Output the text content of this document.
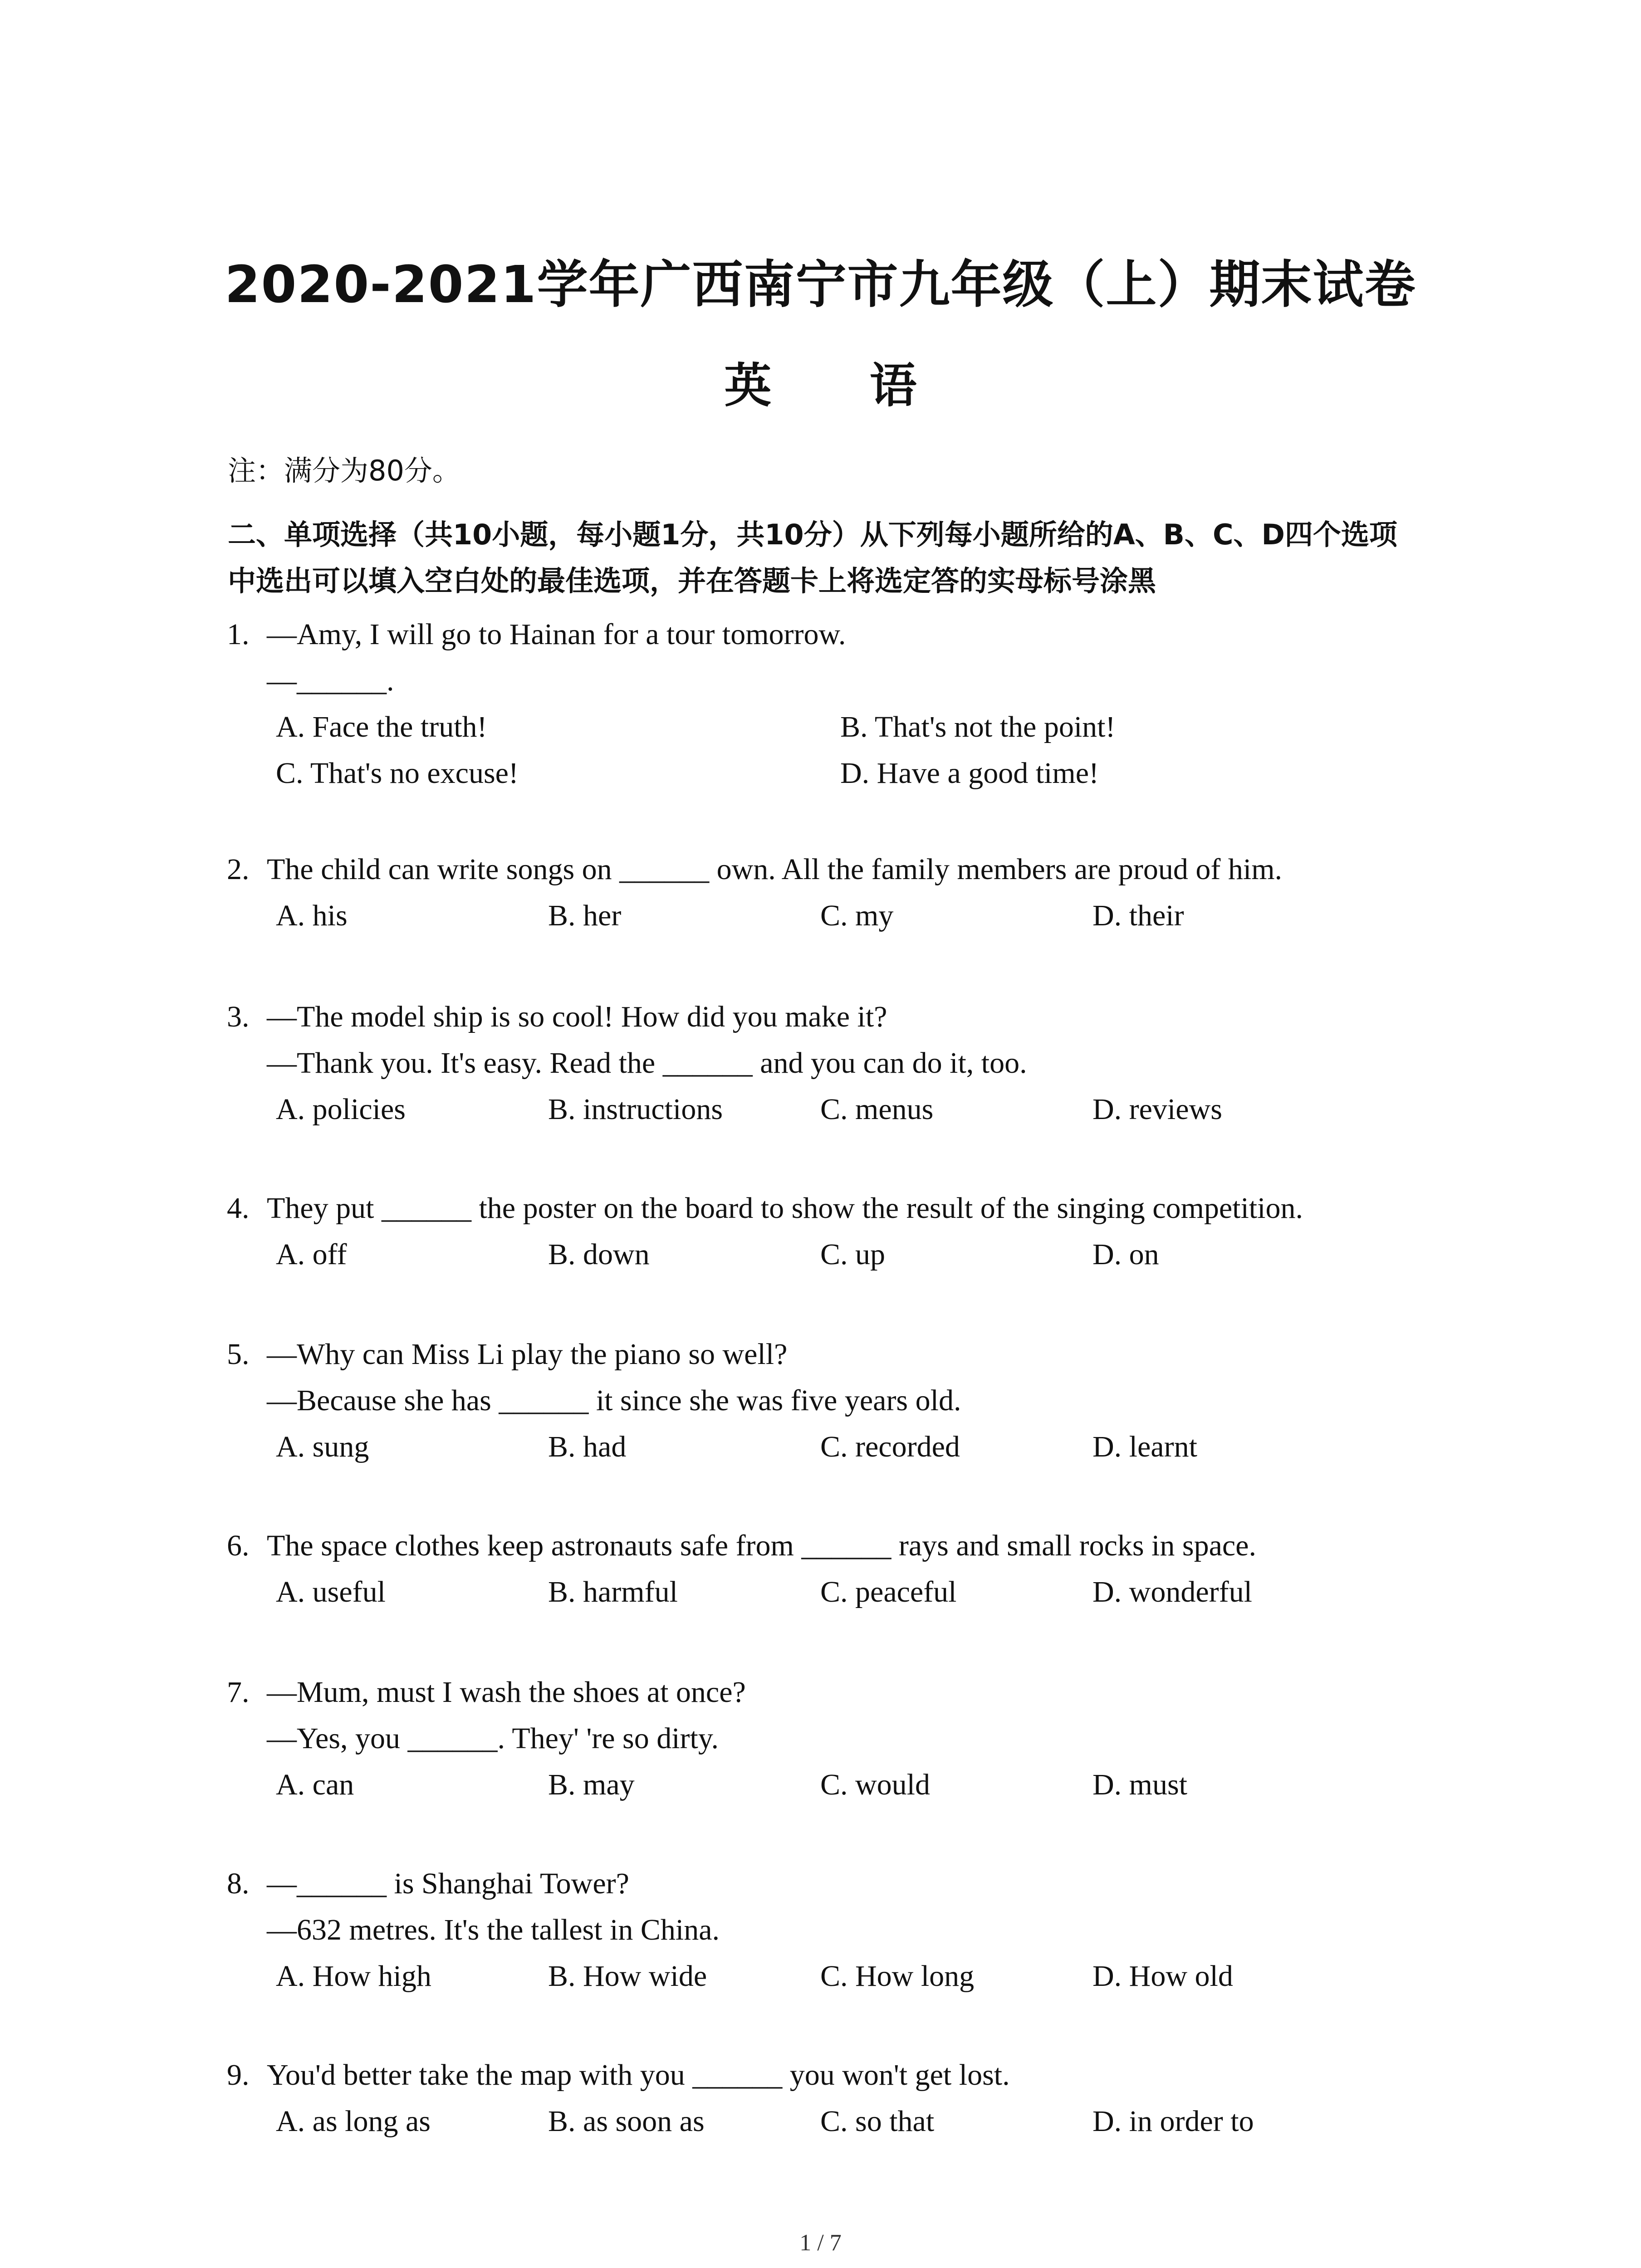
2020-2021学年广西南宁市九年级（上）期末试卷
英 语
注：满分为80分。
二、单项选择（共10小题，每小题1分，共10分）从下列每小题所给的A、B、C、D四个选项
中选出可以填入空白处的最佳选项，并在答题卡上将选定答的实母标号涂黑
1. —Amy, I will go to Hainan for a tour tomorrow.
—______.
A. Face the truth!	B. That's not the point!
C. That's no excuse!	D. Have a good time!
2. The child can write songs on ______ own. All the family members are proud of him.
A. his	B. her	C. my	D. their
3. —The model ship is so cool! How did you make it?
—Thank you. It's easy. Read the ______ and you can do it, too.
A. policies	B. instructions	C. menus	D. reviews
4. They put ______ the poster on the board to show the result of the singing competition.
A. off	B. down	C. up	D. on
5. —Why can Miss Li play the piano so well?
—Because she has ______ it since she was five years old.
A. sung	B. had	C. recorded	D. learnt
6. The space clothes keep astronauts safe from ______ rays and small rocks in space.
A. useful	B. harmful	C. peaceful	D. wonderful
7. —Mum, must I wash the shoes at once?
—Yes, you ______. They' 're so dirty.
A. can	B. may	C. would	D. must
8. —______ is Shanghai Tower?
—632 metres. It's the tallest in China.
A. How high	B. How wide	C. How long	D. How old
9. You'd better take the map with you ______ you won't get lost.
A. as long as	B. as soon as	C. so that	D. in order to
1 / 7
